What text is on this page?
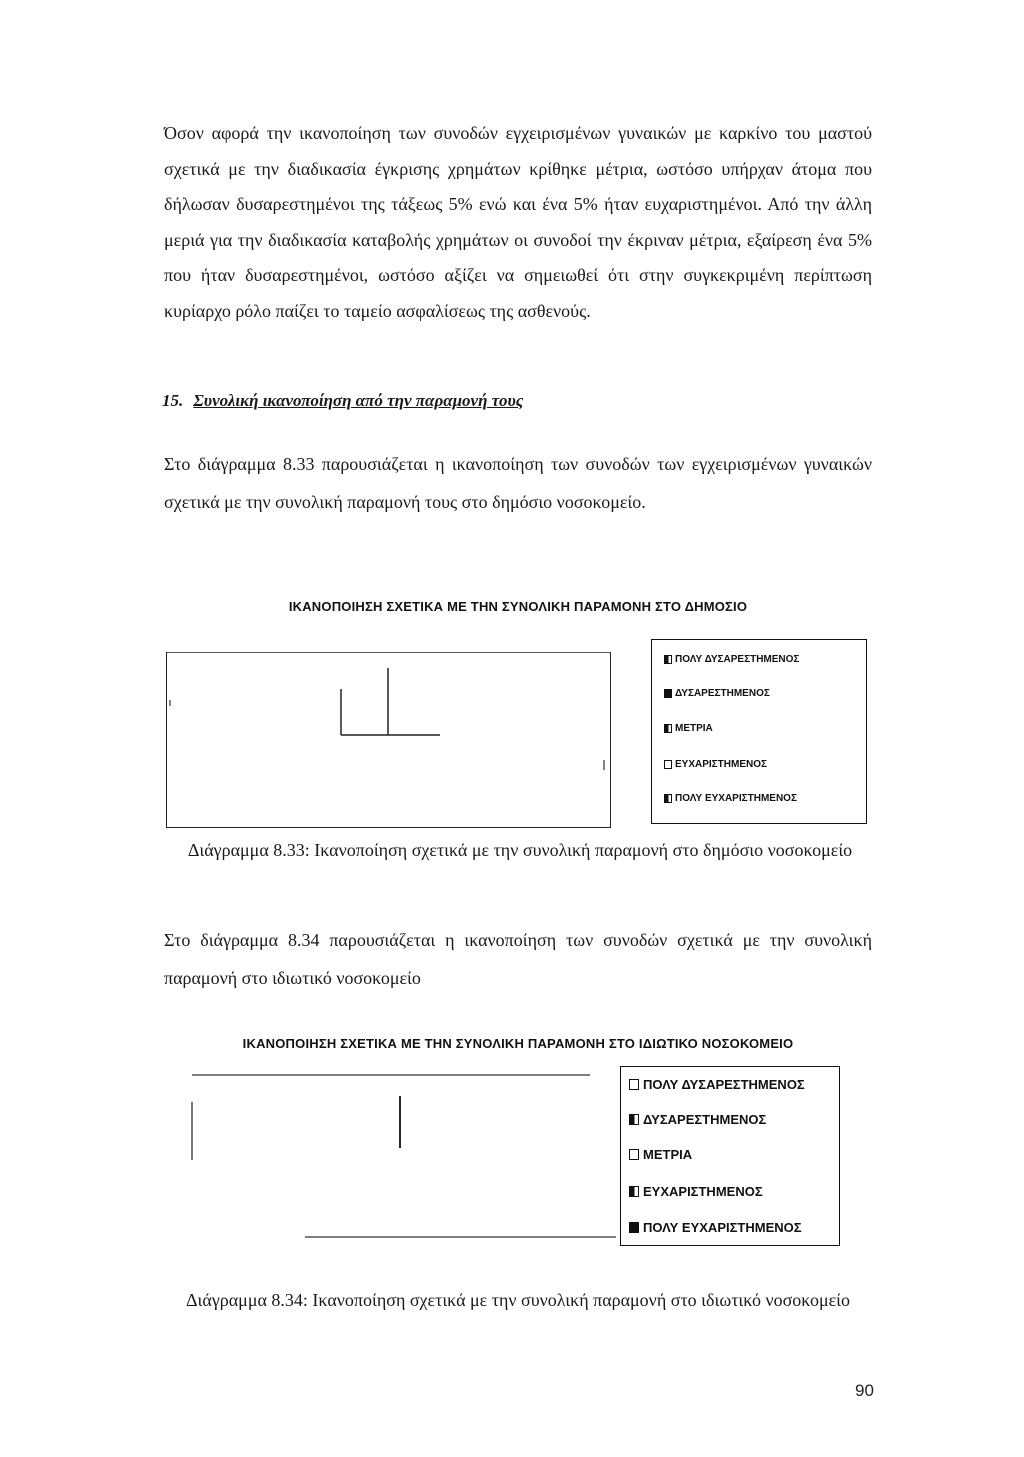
Όσον αφορά την ικανοποίηση των συνοδών εγχειρισμένων γυναικών με καρκίνο του μαστού σχετικά με την διαδικασία έγκρισης χρημάτων κρίθηκε μέτρια, ωστόσο υπήρχαν άτομα που δήλωσαν δυσαρεστημένοι της τάξεως 5% ενώ και ένα 5% ήταν ευχαριστημένοι. Από την άλλη μεριά για την διαδικασία καταβολής χρημάτων οι συνοδοί την έκριναν μέτρια, εξαίρεση ένα 5% που ήταν δυσαρεστημένοι, ωστόσο αξίζει να σημειωθεί ότι στην συγκεκριμένη περίπτωση κυρίαρχο ρόλο παίζει το ταμείο ασφαλίσεως της ασθενούς.
15. Συνολική ικανοποίηση από την παραμονή τους
Στο διάγραμμα 8.33 παρουσιάζεται η ικανοποίηση των συνοδών των εγχειρισμένων γυναικών σχετικά με την συνολική παραμονή τους στο δημόσιο νοσοκομείο.
ΙΚΑΝΟΠΟΙΗΣΗ ΣΧΕΤΙΚΑ ΜΕ ΤΗΝ ΣΥΝΟΛΙΚΗ ΠΑΡΑΜΟΝΗ ΣΤΟ ΔΗΜΟΣΙΟ
ΠΟΛΥ ΔΥΣΑΡΕΣΤΗΜΕΝΟΣ
ΔΥΣΑΡΕΣΤΗΜΕΝΟΣ
ΜΕΤΡΙΑ
ΕΥΧΑΡΙΣΤΗΜΕΝΟΣ
ΠΟΛΥ ΕΥΧΑΡΙΣΤΗΜΕΝΟΣ
Διάγραμμα 8.33: Ικανοποίηση σχετικά με την συνολική παραμονή στο δημόσιο νοσοκομείο
Στο διάγραμμα 8.34 παρουσιάζεται η ικανοποίηση των συνοδών σχετικά με την συνολική παραμονή στο ιδιωτικό νοσοκομείο
ΙΚΑΝΟΠΟΙΗΣΗ ΣΧΕΤΙΚΑ ΜΕ ΤΗΝ ΣΥΝΟΛΙΚΗ ΠΑΡΑΜΟΝΗ ΣΤΟ ΙΔΙΩΤΙΚΟ ΝΟΣΟΚΟΜΕΙΟ
ΠΟΛΥ ΔΥΣΑΡΕΣΤΗΜΕΝΟΣ
ΔΥΣΑΡΕΣΤΗΜΕΝΟΣ
ΜΕΤΡΙΑ
ΕΥΧΑΡΙΣΤΗΜΕΝΟΣ
ΠΟΛΥ ΕΥΧΑΡΙΣΤΗΜΕΝΟΣ
Διάγραμμα 8.34: Ικανοποίηση σχετικά με την συνολική παραμονή στο ιδιωτικό νοσοκομείο
90
